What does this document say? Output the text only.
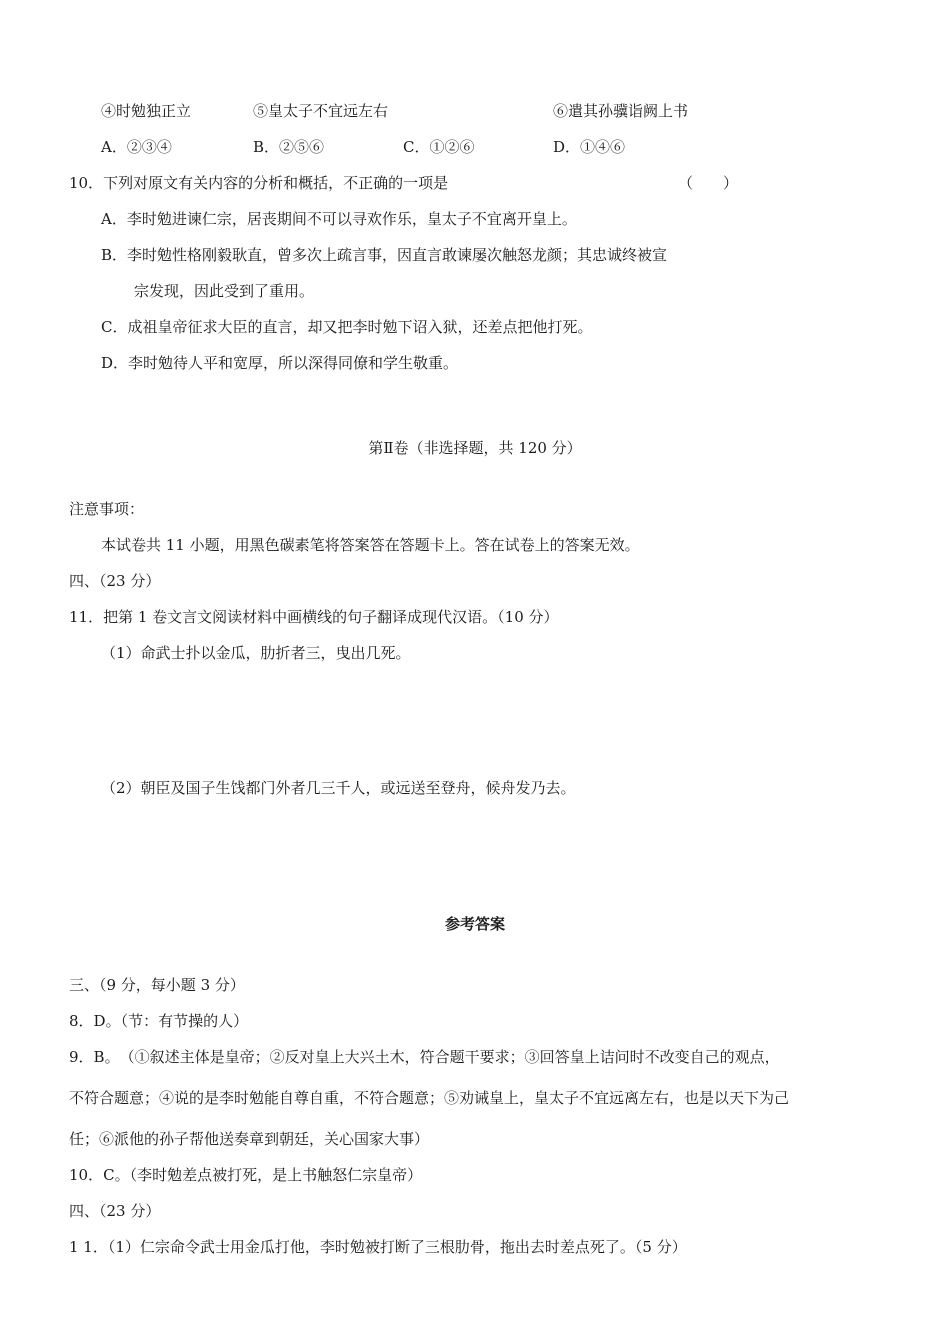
④时勉独正立	⑤皇太子不宜远左右	⑥遣其孙骥诣阙上书
A．②③④	B．②⑤⑥	C．①②⑥	D．①④⑥
10．下列对原文有关内容的分析和概括，不正确的一项是	（　　）
A．李时勉进谏仁宗，居丧期间不可以寻欢作乐，皇太子不宜离开皇上。
B．李时勉性格刚毅耿直，曾多次上疏言事，因直言敢谏屡次触怒龙颜；其忠诚终被宣
宗发现，因此受到了重用。
C．成祖皇帝征求大臣的直言，却又把李时勉下诏入狱，还差点把他打死。
D．李时勉待人平和宽厚，所以深得同僚和学生敬重。
第Ⅱ卷（非选择题，共 120 分）
注意事项：
本试卷共 11 小题，用黑色碳素笔将答案答在答题卡上。答在试卷上的答案无效。
四、（23 分）
11．把第 1 卷文言文阅读材料中画横线的句子翻译成现代汉语。（10 分）
（1）命武士扑以金瓜，肋折者三，曳出几死。
（2）朝臣及国子生饯都门外者几三千人，或远送至登舟，候舟发乃去。
参考答案
三、（9 分，每小题 3 分）
8．D。（节：有节操的人）
9．B。　（①叙述主体是皇帝；②反对皇上大兴土木，符合题干要求；③回答皇上诘问时不改变自己的观点，
不符合题意；④说的是李时勉能自尊自重，不符合题意；⑤劝诫皇上，皇太子不宜远离左右，也是以天下为己
任；⑥派他的孙子帮他送奏章到朝廷，关心国家大事）
10．C。（李时勉差点被打死，是上书触怒仁宗皇帝）
四、（23 分）
1 1．（1）仁宗命令武士用金瓜打他，李时勉被打断了三根肋骨，拖出去时差点死了。（5 分）
